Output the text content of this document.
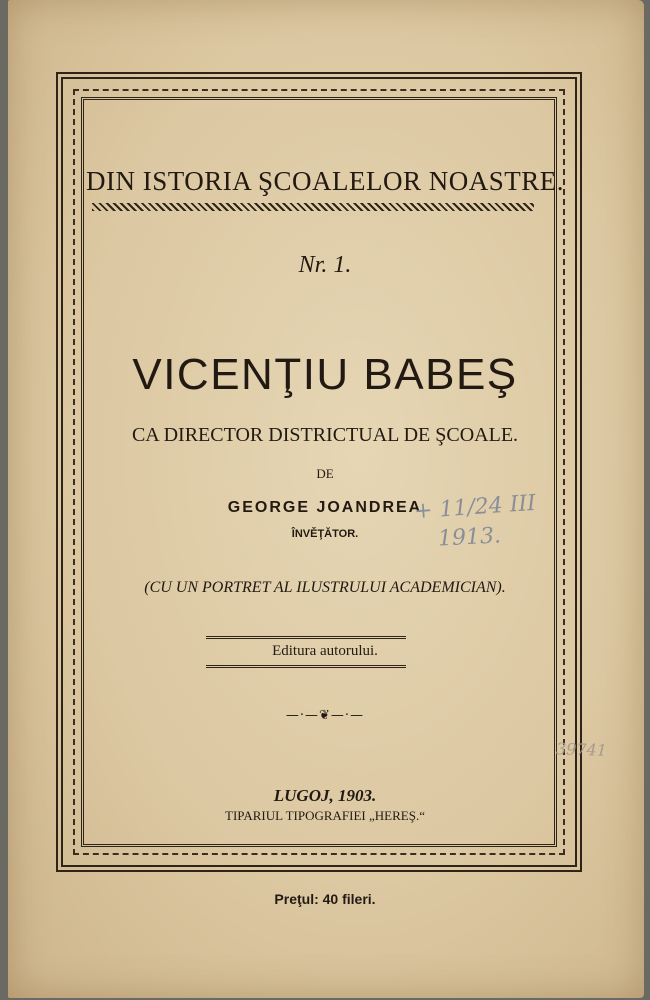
DIN ISTORIA ŞCOALELOR NOASTRE.
Nr. 1.
VICENŢIU BABEŞ
CA DIRECTOR DISTRICTUAL DE ŞCOALE.
DE
GEORGE JOANDREA
ÎNVĚŢĂTOR.
(CU UN PORTRET AL ILUSTRULUI ACADEMICIAN).
Editura autorului.
—·—❦—·—
LUGOJ, 1903.
TIPARIUL TIPOGRAFIEI „HEREŞ.“
Preţul: 40 fileri.
+ 11/24 III
1913.
39741
